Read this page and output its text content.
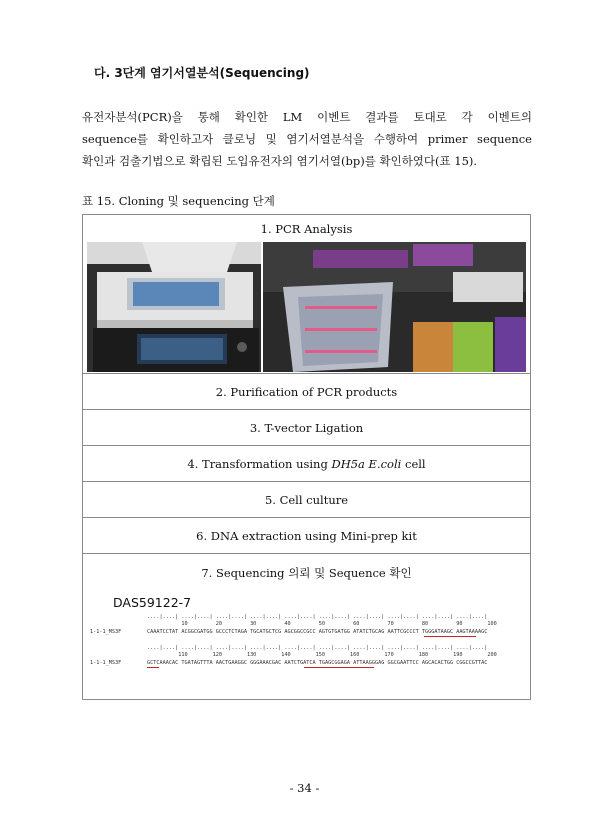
다. 3단계 염기서열분석(Sequencing)
유전자분석(PCR)을 통해 확인한 LM 이벤트 결과를 토대로 각 이벤트의
sequence를 확인하고자 클로닝 및 염기서열분석을 수행하여 primer sequence
확인과 검출기법으로 확립된 도입유전자의 염기서열(bp)를 확인하였다(표 15).
표 15. Cloning 및 sequencing 단계
1. PCR Analysis

2. Purification of PCR products
3. T-vector Ligation
4. Transformation using DH5a E.coli cell
5. Cell culture
6. DNA extraction using Mini-prep kit

7. Sequencing 의뢰 및 Sequence 확인
DAS59122-7
....|....| ....|....| ....|....| ....|....| ....|....| ....|....| ....|....| ....|....| ....|....| ....|....|
10         20         30         40         50         60         70         80         90        100
1-1-1_MS3F	CAAATCCTAT ACGGCGATGG GCCCTCTAGA TGCATGCTCG AGCGGCCGCC AGTGTGATGG ATATCTGCAG AATTCGCCCT TGGGATAAGC AAGTAAAAGC
....|....| ....|....| ....|....| ....|....| ....|....| ....|....| ....|....| ....|....| ....|....| ....|....|
110        120        130        140        150        160        170        180        190        200
1-1-1_MS3F	GCTCAAACAC TGATAGTTTA AACTGAAGGC GGGAAACGAC AATCTGATCA TGAGCGGAGA ATTAAGGGAG GGCGAATTCC AGCACACTGG CGGCCGTTAC
- 34 -
